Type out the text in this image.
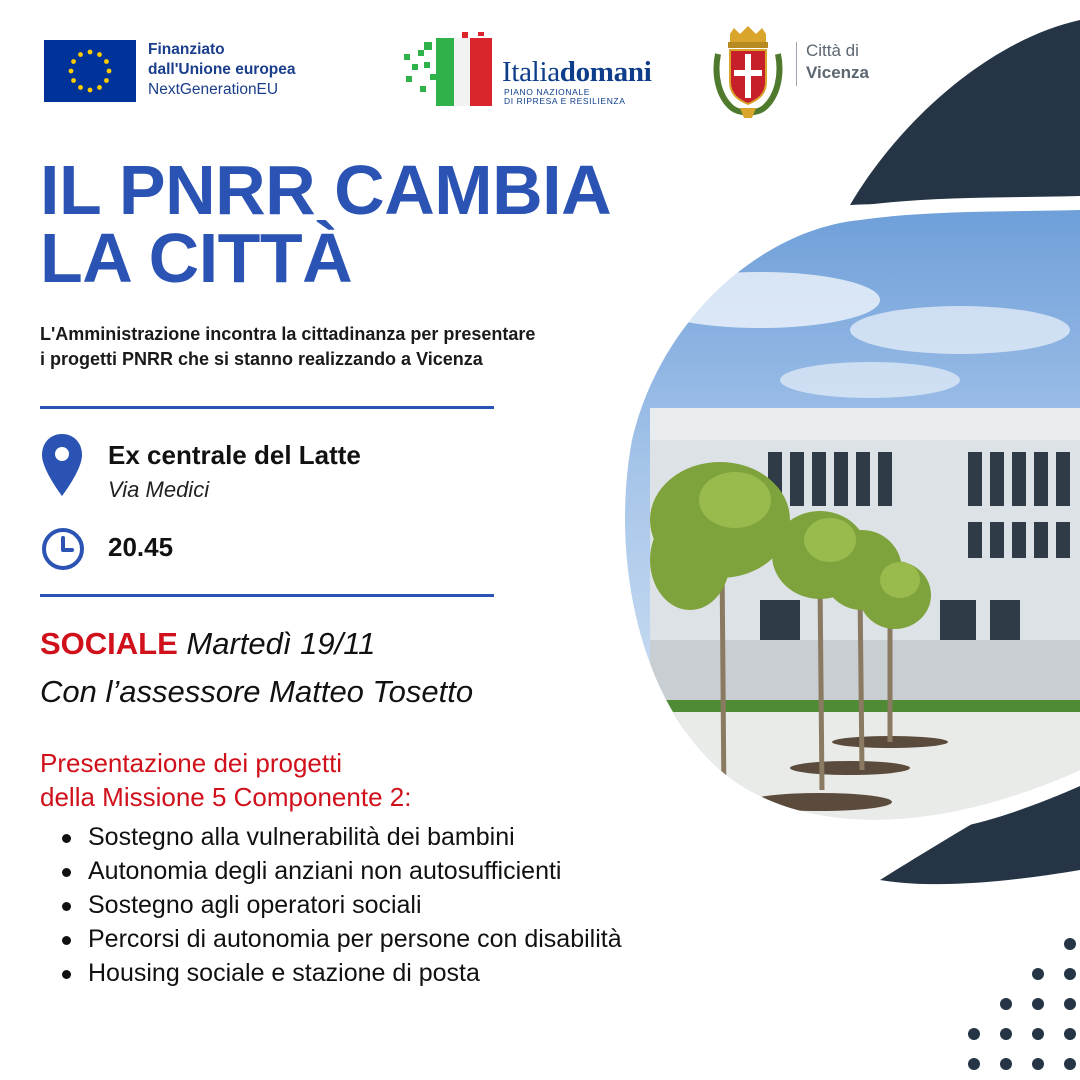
Finanziato
dall'Unione europea
NextGenerationEU
Italiadomani
PIANO NAZIONALE
DI RIPRESA E RESILIENZA
Città di
Vicenza
IL PNRR CAMBIA
LA CITTÀ
L'Amministrazione incontra la cittadinanza per presentare
i progetti PNRR che si stanno realizzando a Vicenza
Ex centrale del Latte
Via Medici
20.45
SOCIALE Martedì 19/11
Con l’assessore Matteo Tosetto
Presentazione dei progetti
della Missione 5 Componente 2:
Sostegno alla vulnerabilità dei bambini
Autonomia degli anziani non autosufficienti
Sostegno agli operatori sociali
Percorsi di autonomia per persone con disabilità
Housing sociale e stazione di posta
